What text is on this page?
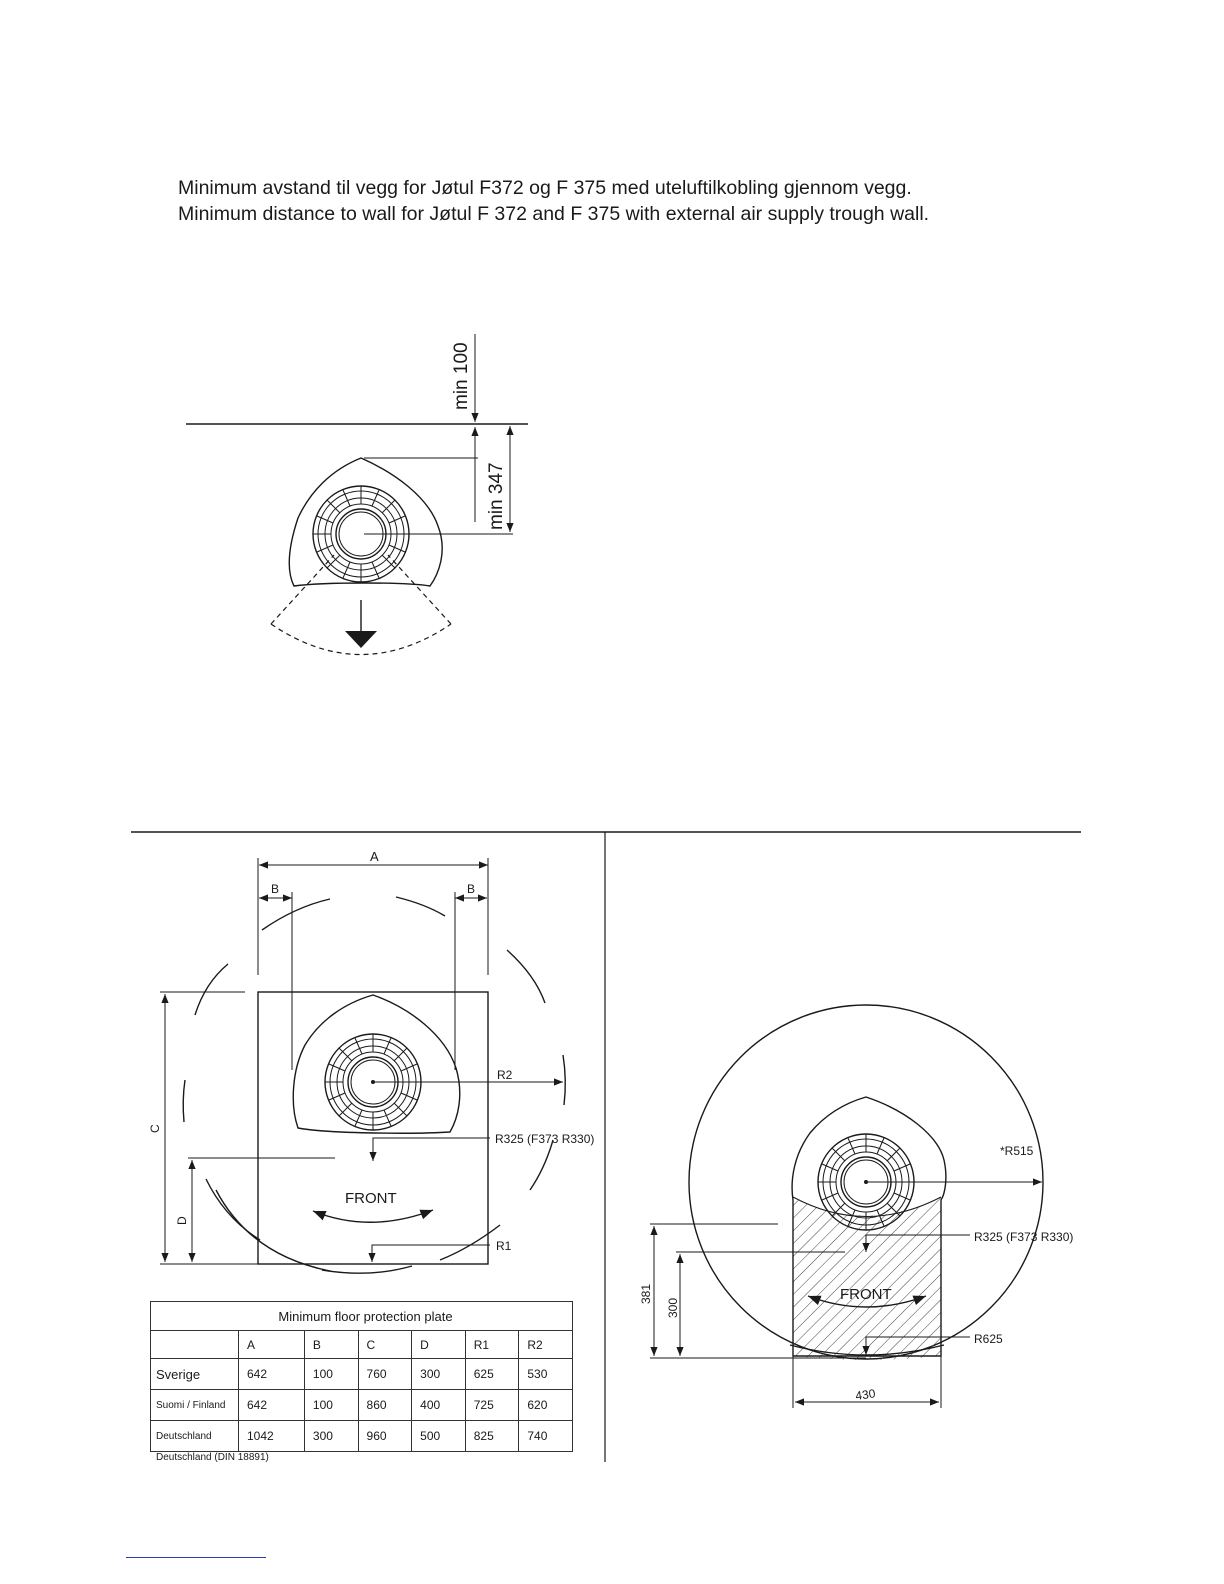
Minimum avstand til vegg for Jøtul F372 og F 375 med uteluftilkobling gjennom vegg.
Minimum distance to wall for Jøtul F 372 and F 375 with external air supply trough wall.
min 100
min 347
FRONT
A
B	B
C
D
R2
R325 (F373 R330)
R1
FRONT
*R515
R325 (F373 R330)
R625
381
300
430
Minimum floor protection plate						
	A	B	C	D	R1	R2
Sverige	642	100	760	300	625	530
Suomi / Finland	642	100	860	400	725	620
Deutschland	1042	300	960	500	825	740
Deutschland (DIN 18891)
